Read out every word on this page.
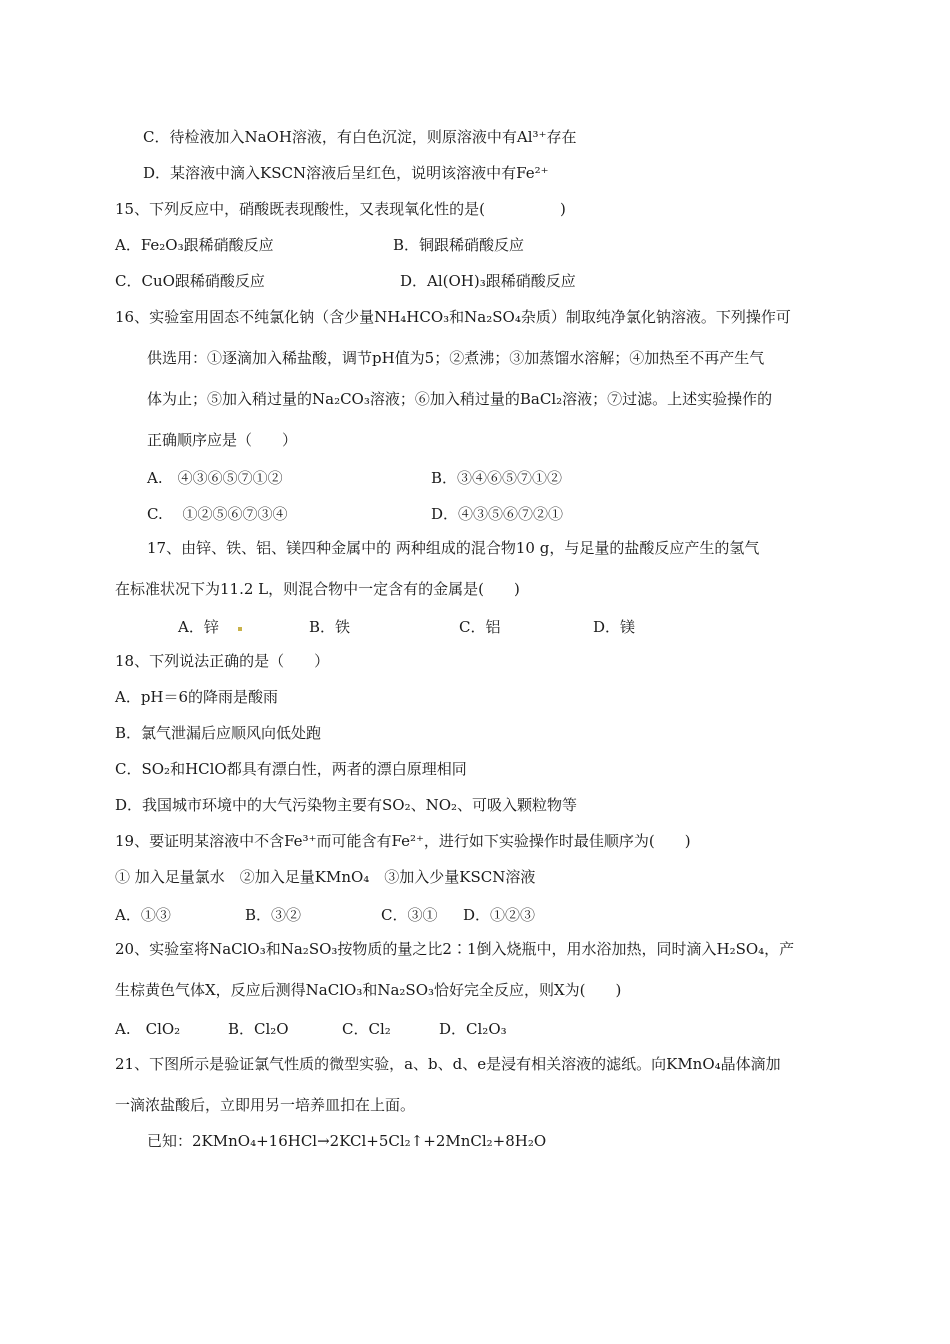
C．待检液加入NaOH溶液，有白色沉淀，则原溶液中有Al³⁺存在
D．某溶液中滴入KSCN溶液后呈红色，说明该溶液中有Fe²⁺
15、下列反应中，硝酸既表现酸性，又表现氧化性的是(　　　　　)
A．Fe₂O₃跟稀硝酸反应	B．铜跟稀硝酸反应
C．CuO跟稀硝酸反应	D．Al(OH)₃跟稀硝酸反应
16、实验室用固态不纯氯化钠（含少量NH₄HCO₃和Na₂SO₄杂质）制取纯净氯化钠溶液。下列操作可
供选用：①逐滴加入稀盐酸，调节pH值为5；②煮沸；③加蒸馏水溶解；④加热至不再产生气
体为止；⑤加入稍过量的Na₂CO₃溶液；⑥加入稍过量的BaCl₂溶液；⑦过滤。上述实验操作的
正确顺序应是（　　）
A.　④③⑥⑤⑦①②	B．③④⑥⑤⑦①②
C.　 ①②⑤⑥⑦③④	D．④③⑤⑥⑦②①
17、由锌、铁、铝、镁四种金属中的 两种组成的混合物10 g，与足量的盐酸反应产生的氢气
在标准状况下为11.2 L，则混合物中一定含有的金属是(　　)
A．锌	B．铁	C．铝	D．镁
18、下列说法正确的是（　　）
A．pH＝6的降雨是酸雨
B．氯气泄漏后应顺风向低处跑
C．SO₂和HClO都具有漂白性，两者的漂白原理相同
D．我国城市环境中的大气污染物主要有SO₂、NO₂、可吸入颗粒物等
19、要证明某溶液中不含Fe³⁺而可能含有Fe²⁺，进行如下实验操作时最佳顺序为(　　)
① 加入足量氯水　②加入足量KMnO₄　③加入少量KSCN溶液
A．①③	B．③②	C．③① D．①②③
20、实验室将NaClO₃和Na₂SO₃按物质的量之比2∶1倒入烧瓶中，用水浴加热，同时滴入H₂SO₄，产
生棕黄色气体X，反应后测得NaClO₃和Na₂SO₃恰好完全反应，则X为(　　)
A.　ClO₂	B．Cl₂O	C．Cl₂	D．Cl₂O₃
21、下图所示是验证氯气性质的微型实验，a、b、d、e是浸有相关溶液的滤纸。向KMnO₄晶体滴加
一滴浓盐酸后，立即用另一培养皿扣在上面。
已知：2KMnO₄+16HCl→2KCl+5Cl₂↑+2MnCl₂+8H₂O
